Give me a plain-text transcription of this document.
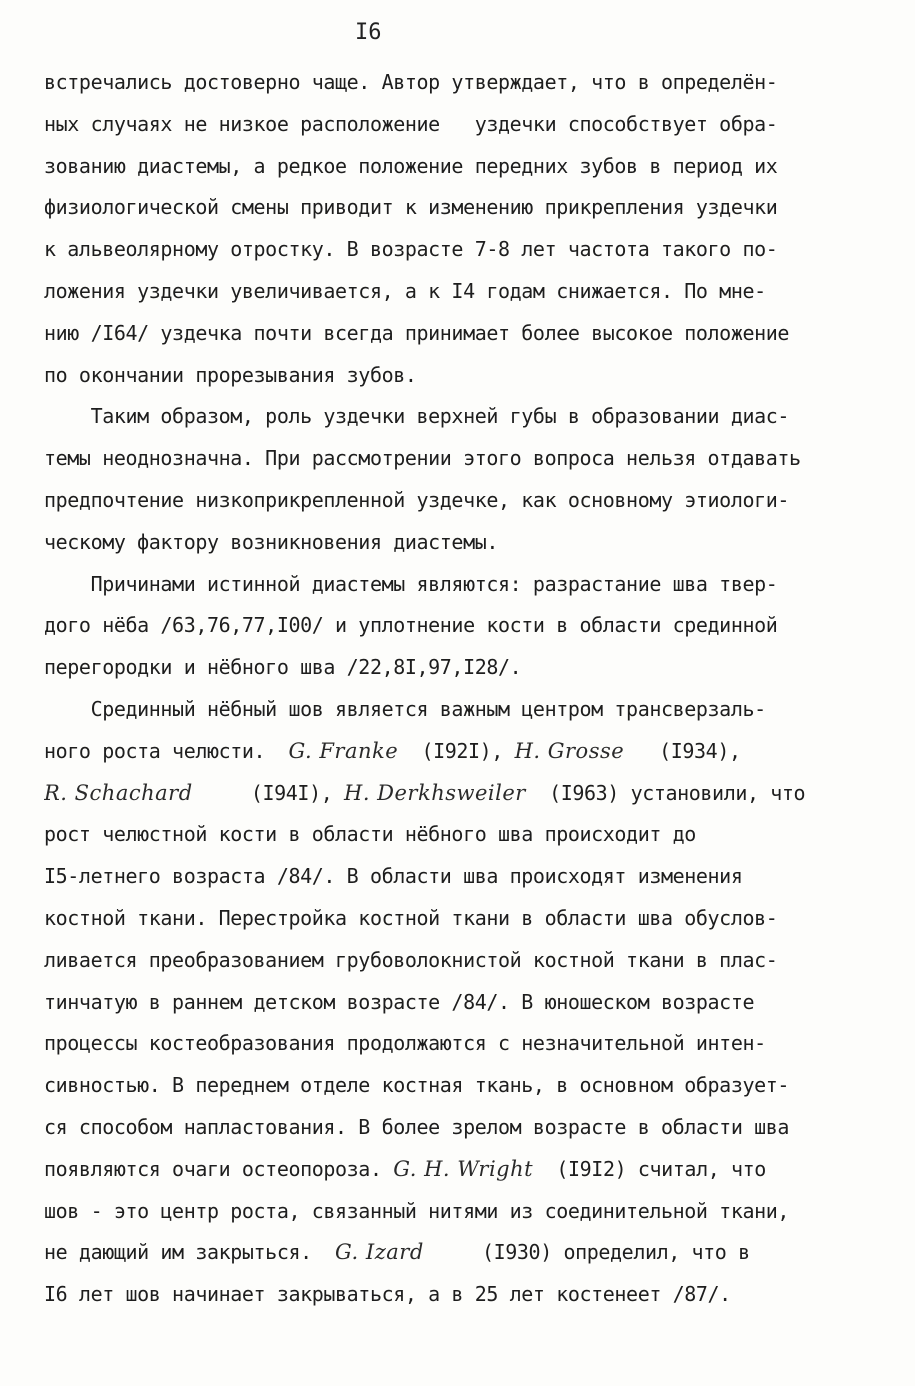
I6
встречались достоверно чаще. Автор утверждает, что в определён-
ных случаях не низкое расположение   уздечки способствует обра-
зованию диастемы, а редкое положение передних зубов в период их
физиологической смены приводит к изменению прикрепления уздечки
к альвеолярному отростку. В возрасте 7-8 лет частота такого по-
ложения уздечки увеличивается, а к I4 годам снижается. По мне-
нию /I64/ уздечка почти всегда принимает более высокое положение
по окончании прорезывания зубов.
Таким образом, роль уздечки верхней губы в образовании диас-
темы неоднозначна. При рассмотрении этого вопроса нельзя отдавать
предпочтение низкоприкрепленной уздечке, как основному этиологи-
ческому фактору возникновения диастемы.
Причинами истинной диастемы являются: разрастание шва твер-
дого нёба /63,76,77,I00/ и уплотнение кости в области срединной
перегородки и нёбного шва /22,8I,97,I28/.
Срединный нёбный шов является важным центром трансверзаль-
ного роста челюсти.  G. Franke  (I92I), H. Grosse   (I934),
R. Schachard     (I94I), H. Derkhsweiler  (I963) установили, что
рост челюстной кости в области нёбного шва происходит до
I5-летнего возраста /84/. В области шва происходят изменения
костной ткани. Перестройка костной ткани в области шва обуслов-
ливается преобразованием грубоволокнистой костной ткани в плас-
тинчатую в раннем детском возрасте /84/. В юношеском возрасте
процессы костеобразования продолжаются с незначительной интен-
сивностью. В переднем отделе костная ткань, в основном образует-
ся способом напластования. В более зрелом возрасте в области шва
появляются очаги остеопороза. G. H. Wright  (I9I2) считал, что
шов - это центр роста, связанный нитями из соединительной ткани,
не дающий им закрыться.  G. Izard     (I930) определил, что в
I6 лет шов начинает закрываться, а в 25 лет костенеет /87/.
